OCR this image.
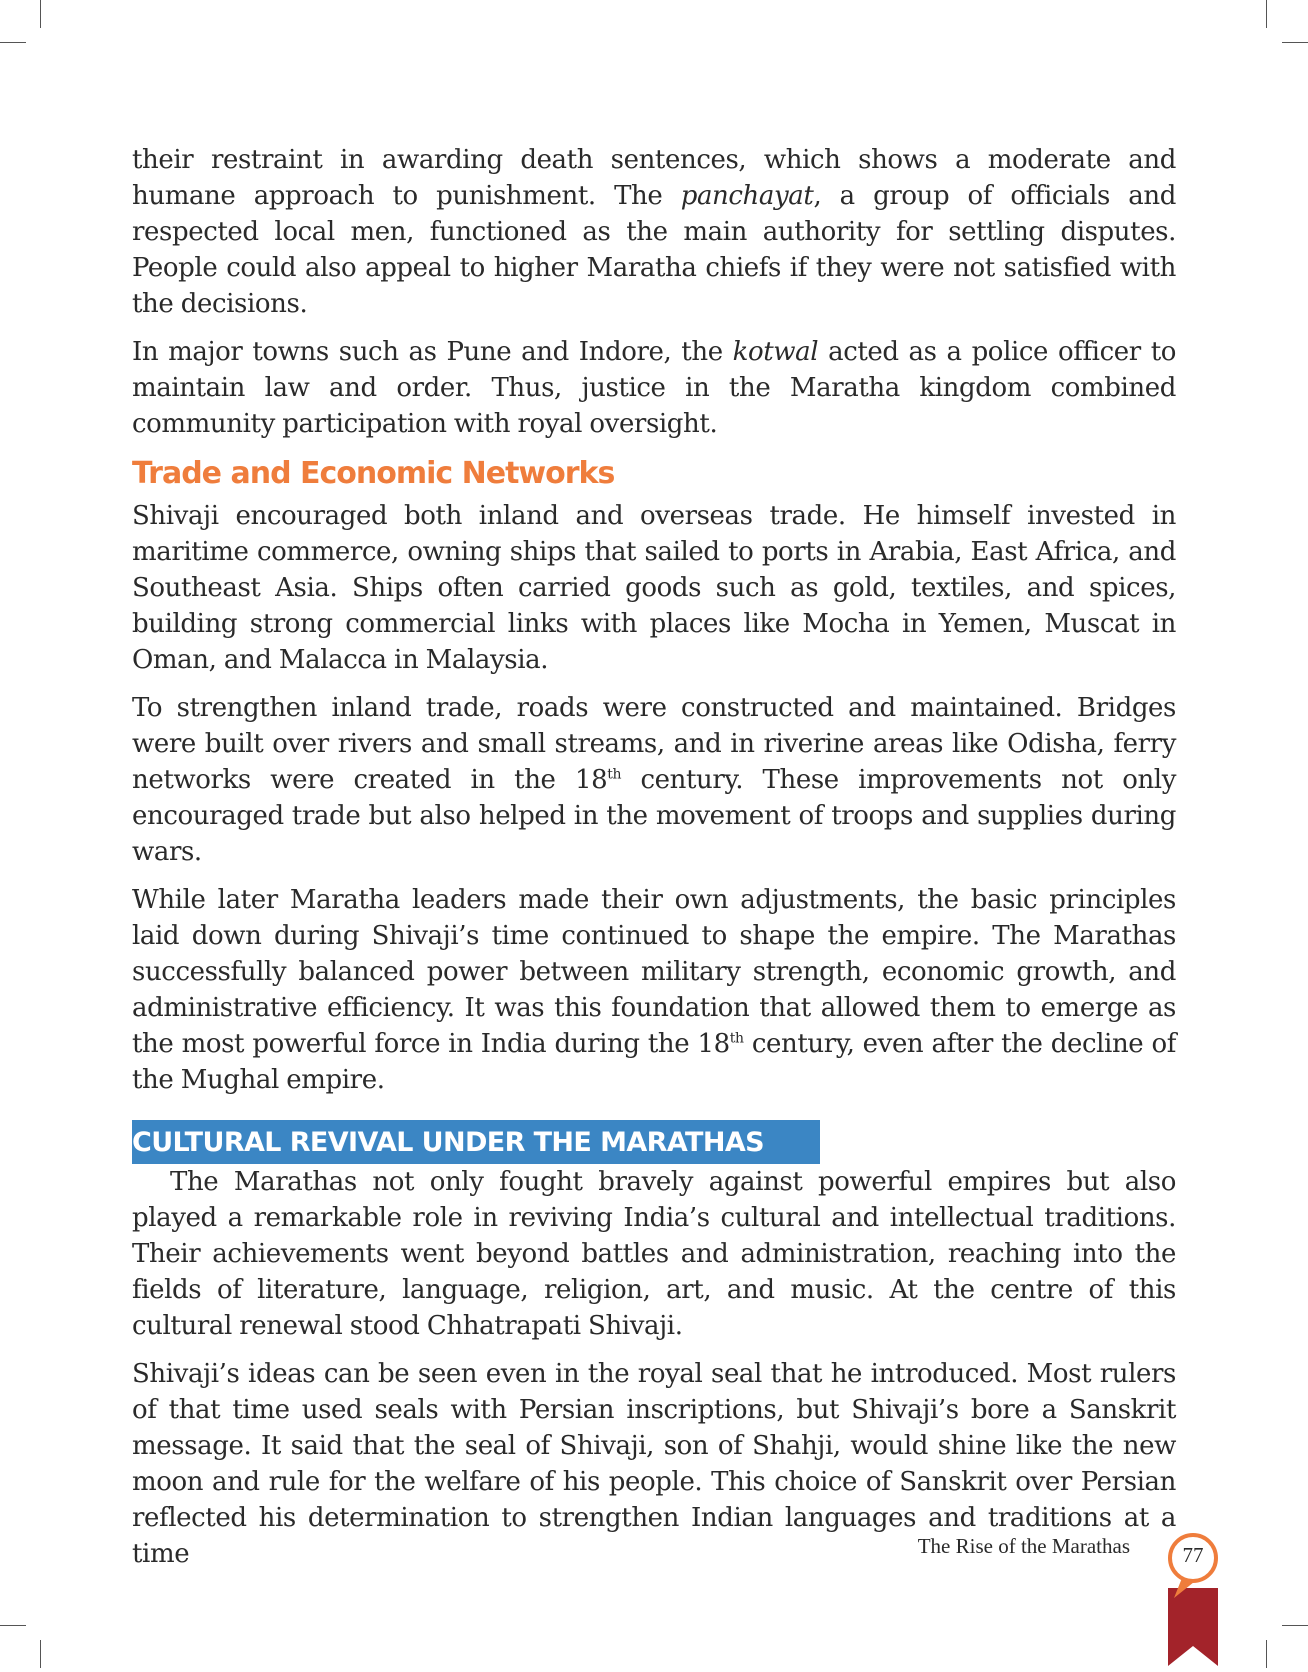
their restraint in awarding death sentences, which shows a moderate and humane approach to punishment. The panchayat, a group of officials and respected local men, functioned as the main authority for settling disputes. People could also appeal to higher Maratha chiefs if they were not satisfied with the decisions.

In major towns such as Pune and Indore, the kotwal acted as a police officer to maintain law and order. Thus, justice in the Maratha kingdom combined community participation with royal oversight.

Trade and Economic Networks

Shivaji encouraged both inland and overseas trade. He himself invested in maritime commerce, owning ships that sailed to ports in Arabia, East Africa, and Southeast Asia. Ships often carried goods such as gold, textiles, and spices, building strong commercial links with places like Mocha in Yemen, Muscat in Oman, and Malacca in Malaysia.

To strengthen inland trade, roads were constructed and maintained. Bridges were built over rivers and small streams, and in riverine areas like Odisha, ferry networks were created in the 18th century. These improvements not only encouraged trade but also helped in the movement of troops and supplies during wars.

While later Maratha leaders made their own adjustments, the basic principles laid down during Shivaji’s time continued to shape the empire. The Marathas successfully balanced power between military strength, economic growth, and administrative efficiency. It was this foundation that allowed them to emerge as the most powerful force in India during the 18th century, even after the decline of the Mughal empire.

CULTURAL REVIVAL UNDER THE MARATHAS

The Marathas not only fought bravely against powerful empires but also played a remarkable role in reviving India’s cultural and intellectual traditions. Their achievements went beyond battles and administration, reaching into the fields of literature, language, religion, art, and music. At the centre of this cultural renewal stood Chhatrapati Shivaji.

Shivaji’s ideas can be seen even in the royal seal that he introduced. Most rulers of that time used seals with Persian inscriptions, but Shivaji’s bore a Sanskrit message. It said that the seal of Shivaji, son of Shahji, would shine like the new moon and rule for the welfare of his people. This choice of Sanskrit over Persian reflected his determination to strengthen Indian languages and traditions at a time	The Rise of the Marathas	77
